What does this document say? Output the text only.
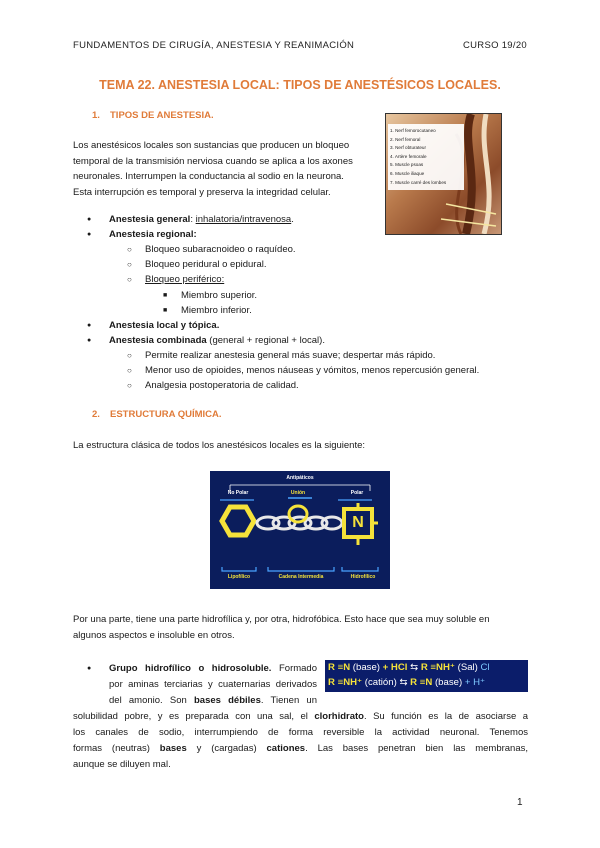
FUNDAMENTOS DE CIRUGÍA, ANESTESIA Y REANIMACIÓN	CURSO 19/20
TEMA 22. ANESTESIA LOCAL: TIPOS DE ANESTÉSICOS LOCALES.
1. TIPOS DE ANESTESIA.
Los anestésicos locales son sustancias que producen un bloqueo
temporal de la transmisión nerviosa cuando se aplica a los axones
neuronales. Interrumpen la conductancia al sodio en la neurona.
Esta interrupción es temporal y preserva la integridad celular.
1. Nerf femorocutaneo
2. Nerf femoral
3. Nerf obturateur
4. Artère femorale
5. Muscle psoas
6. Muscle iliaque
7. Muscle carré des lombes
● Anestesia general: inhalatoria/intravenosa.
● Anestesia regional:
○ Bloqueo subaracnoideo o raquídeo.
○ Bloqueo peridural o epidural.
○ Bloqueo periférico:
■ Miembro superior.
■ Miembro inferior.
● Anestesia local y tópica.
● Anestesia combinada (general + regional + local).
○ Permite realizar anestesia general más suave; despertar más rápido.
○ Menor uso de opioides, menos náuseas y vómitos, menos repercusión general.
○ Analgesia postoperatoria de calidad.
2. ESTRUCTURA QUÍMICA.
La estructura clásica de todos los anestésicos locales es la siguiente:
Antipáticos
No Polar	Unión	Polar
N
Lipofílico	Cadena Intermedia	Hidrofílico
Por una parte, tiene una parte hidrofílica y, por otra, hidrofóbica. Esto hace que sea muy soluble en
algunos aspectos e insoluble en otros.
R ≡N (base) + HCl ⇆ R ≡NH⁺ (Sal) Cl
R ≡NH⁺ (catión) ⇆ R ≡N (base) + H⁺
● Grupo hidrofílico o hidrosoluble. Formado
por aminas terciarias y cuaternarias derivados
del amonio. Son bases débiles. Tienen un
solubilidad pobre, y es preparada con una sal, el clorhidrato. Su función es la de asociarse a
los canales de sodio, interrumpiendo de forma reversible la actividad neuronal. Tenemos
formas (neutras) bases y (cargadas) cationes. Las bases penetran bien las membranas,
aunque se diluyen mal.
1
